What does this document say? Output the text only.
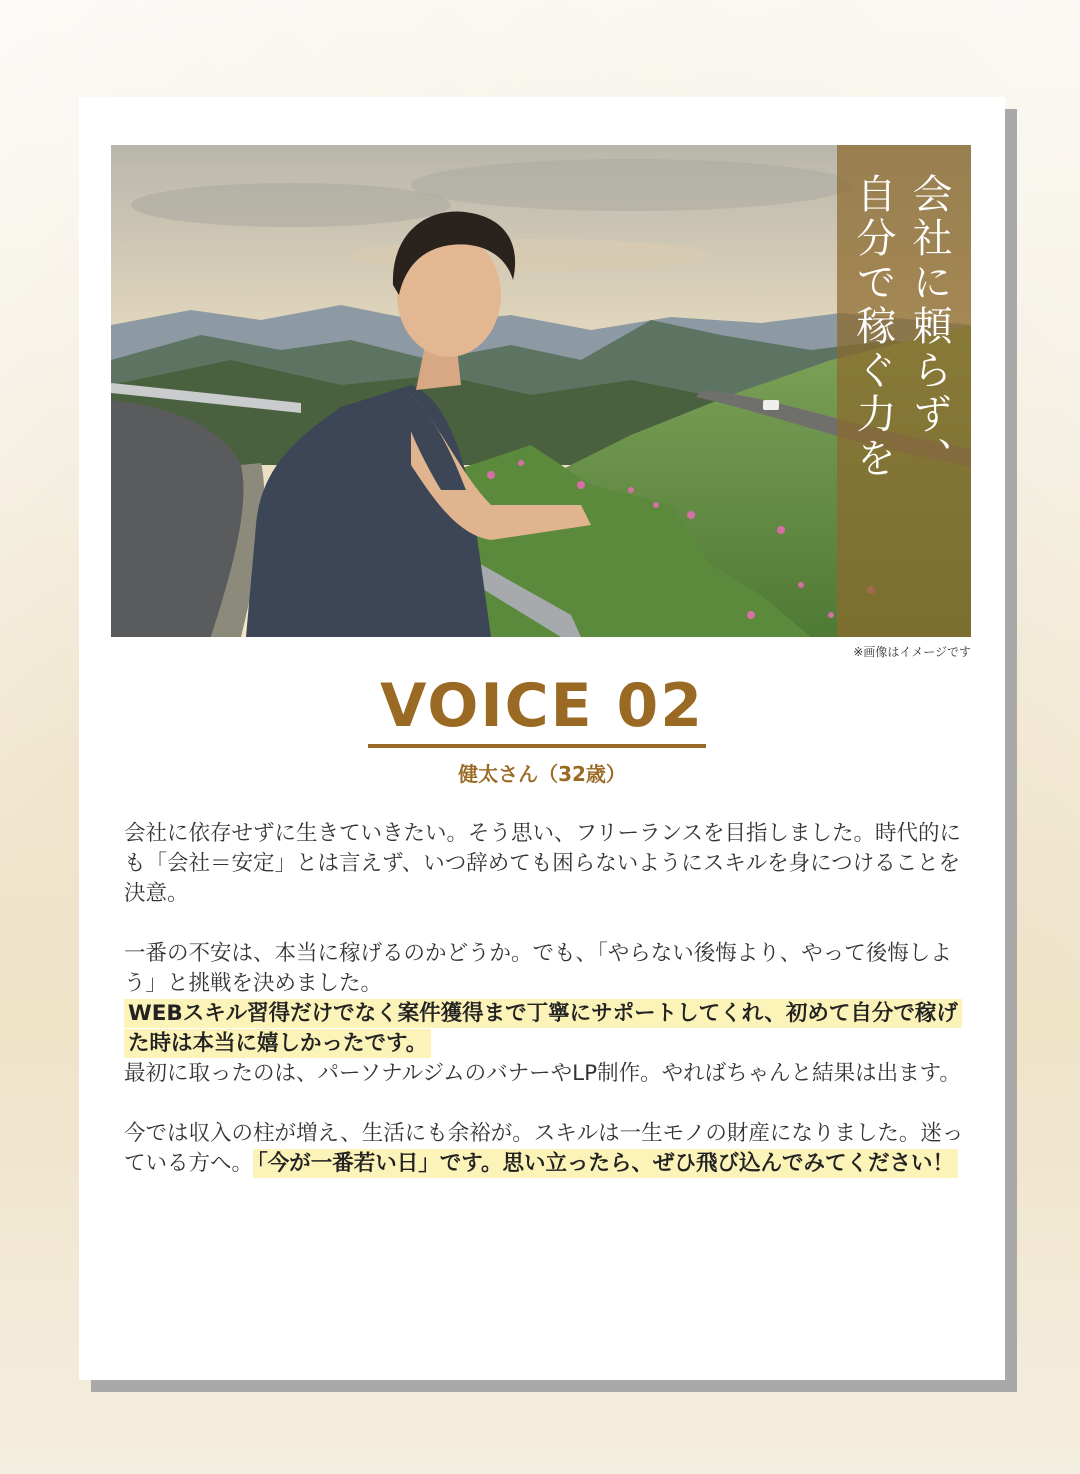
会社に頼らず、
自分で稼ぐ力を
※画像はイメージです
VOICE 02
健太さん（32歳）

会社に依存せずに生きていきたい。そう思い、フリーランスを目指しました。時代的にも「会社＝安定」とは言えず、いつ辞めても困らないようにスキルを身につけることを決意。

一番の不安は、本当に稼げるのかどうか。でも、「やらない後悔より、やって後悔しよう」と挑戦を決めました。
WEBスキル習得だけでなく案件獲得まで丁寧にサポートしてくれ、初めて自分で稼げた時は本当に嬉しかったです。
最初に取ったのは、パーソナルジムのバナーやLP制作。やればちゃんと結果は出ます。

今では収入の柱が増え、生活にも余裕が。スキルは一生モノの財産になりました。迷っている方へ。 「今が一番若い日」です。思い立ったら、ぜひ飛び込んでみてください！
